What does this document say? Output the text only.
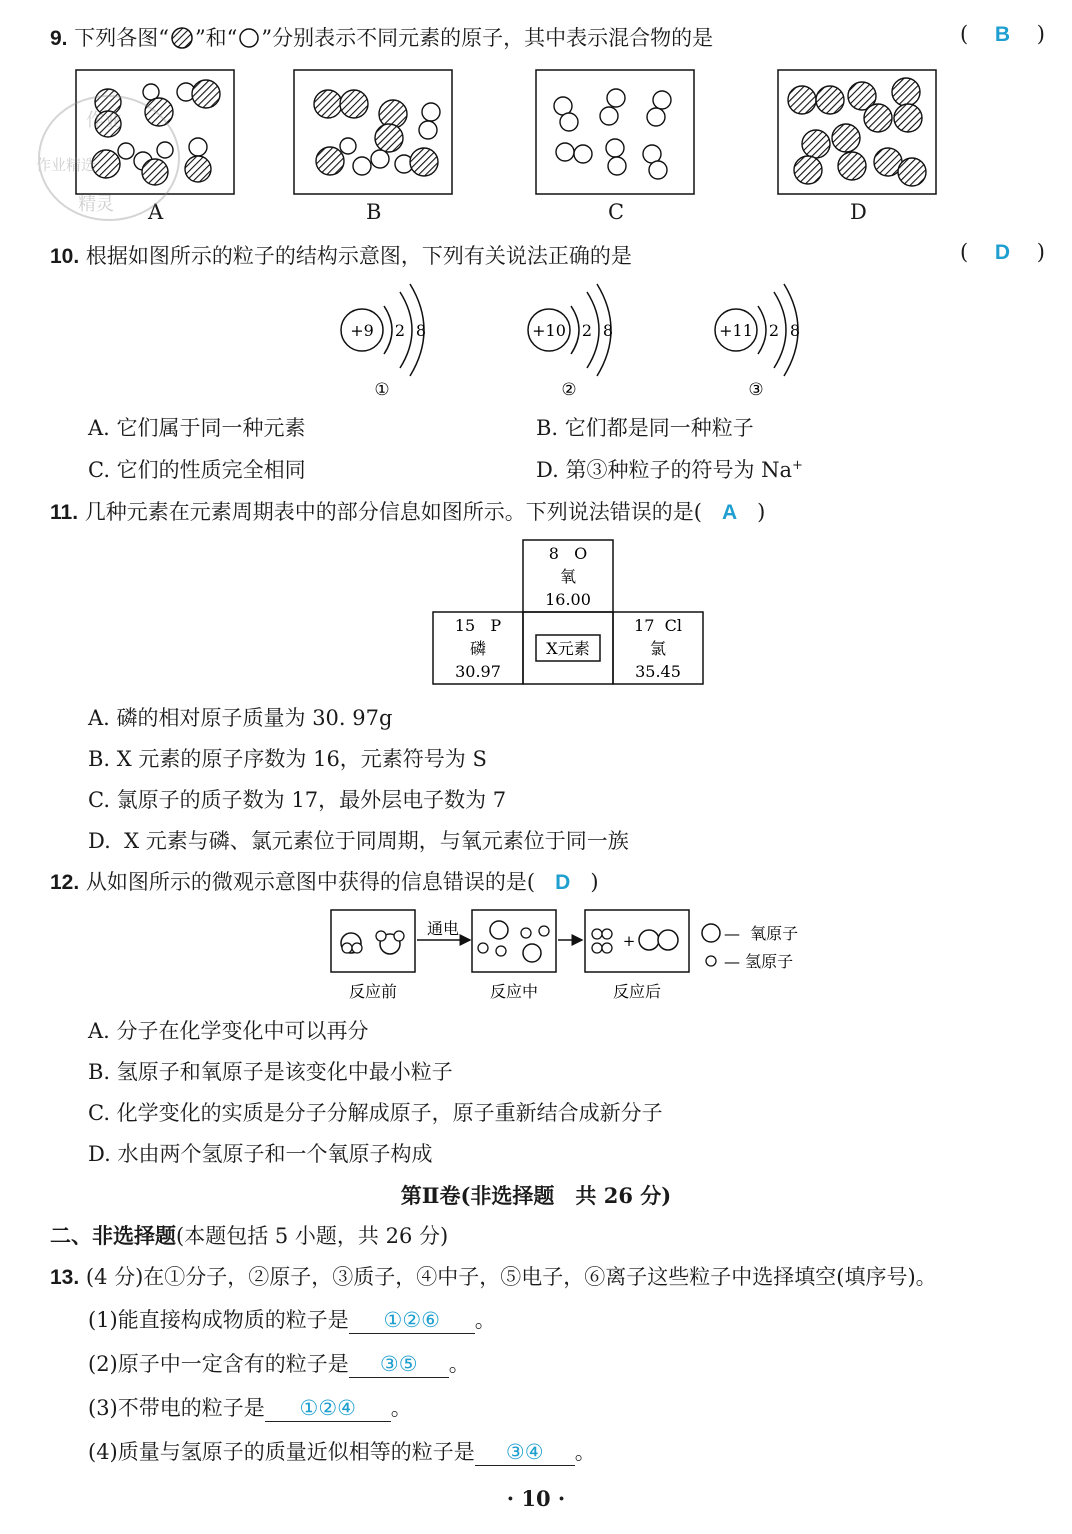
9. 下列各图“ ”和“ ”分别表示不同元素的原子，其中表示混合物的是	(    B    )
A	B	C	D
作业
作业精选
精灵
10. 根据如图所示的粒子的结构示意图，下列有关说法正确的是	(    D    )
+9 2 8
①
+10 2 8
②
+11 2 8
③
A. 它们属于同一种元素	B. 它们都是同一种粒子
C. 它们的性质完全相同	D. 第③种粒子的符号为 Na+
11. 几种元素在元素周期表中的部分信息如图所示。下列说法错误的是( A )
8   O
氧
16.00
15   P
磷
30.97
X元素
17  Cl
氯
35.45
A. 磷的相对原子质量为 30. 97g
B. X 元素的原子序数为 16，元素符号为 S
C. 氯原子的质子数为 17，最外层电子数为 7
D.  X 元素与磷、氯元素位于同周期，与氧元素位于同一族
12. 从如图所示的微观示意图中获得的信息错误的是( D )
通电
+	—  氧原子
— 氢原子
反应前	反应中	反应后
A. 分子在化学变化中可以再分
B. 氢原子和氧原子是该变化中最小粒子
C. 化学变化的实质是分子分解成原子，原子重新结合成新分子
D. 水由两个氢原子和一个氧原子构成
第Ⅱ卷(非选择题　共 26 分)
二、非选择题(本题包括 5 小题，共 26 分)
13. (4 分)在①分子，②原子，③质子，④中子，⑤电子，⑥离子这些粒子中选择填空(填序号)。
(1)能直接构成物质的粒子是 ①②⑥ 。
(2)原子中一定含有的粒子是 ③⑤ 。
(3)不带电的粒子是 ①②④ 。
(4)质量与氢原子的质量近似相等的粒子是 ③④ 。
· 10 ·
